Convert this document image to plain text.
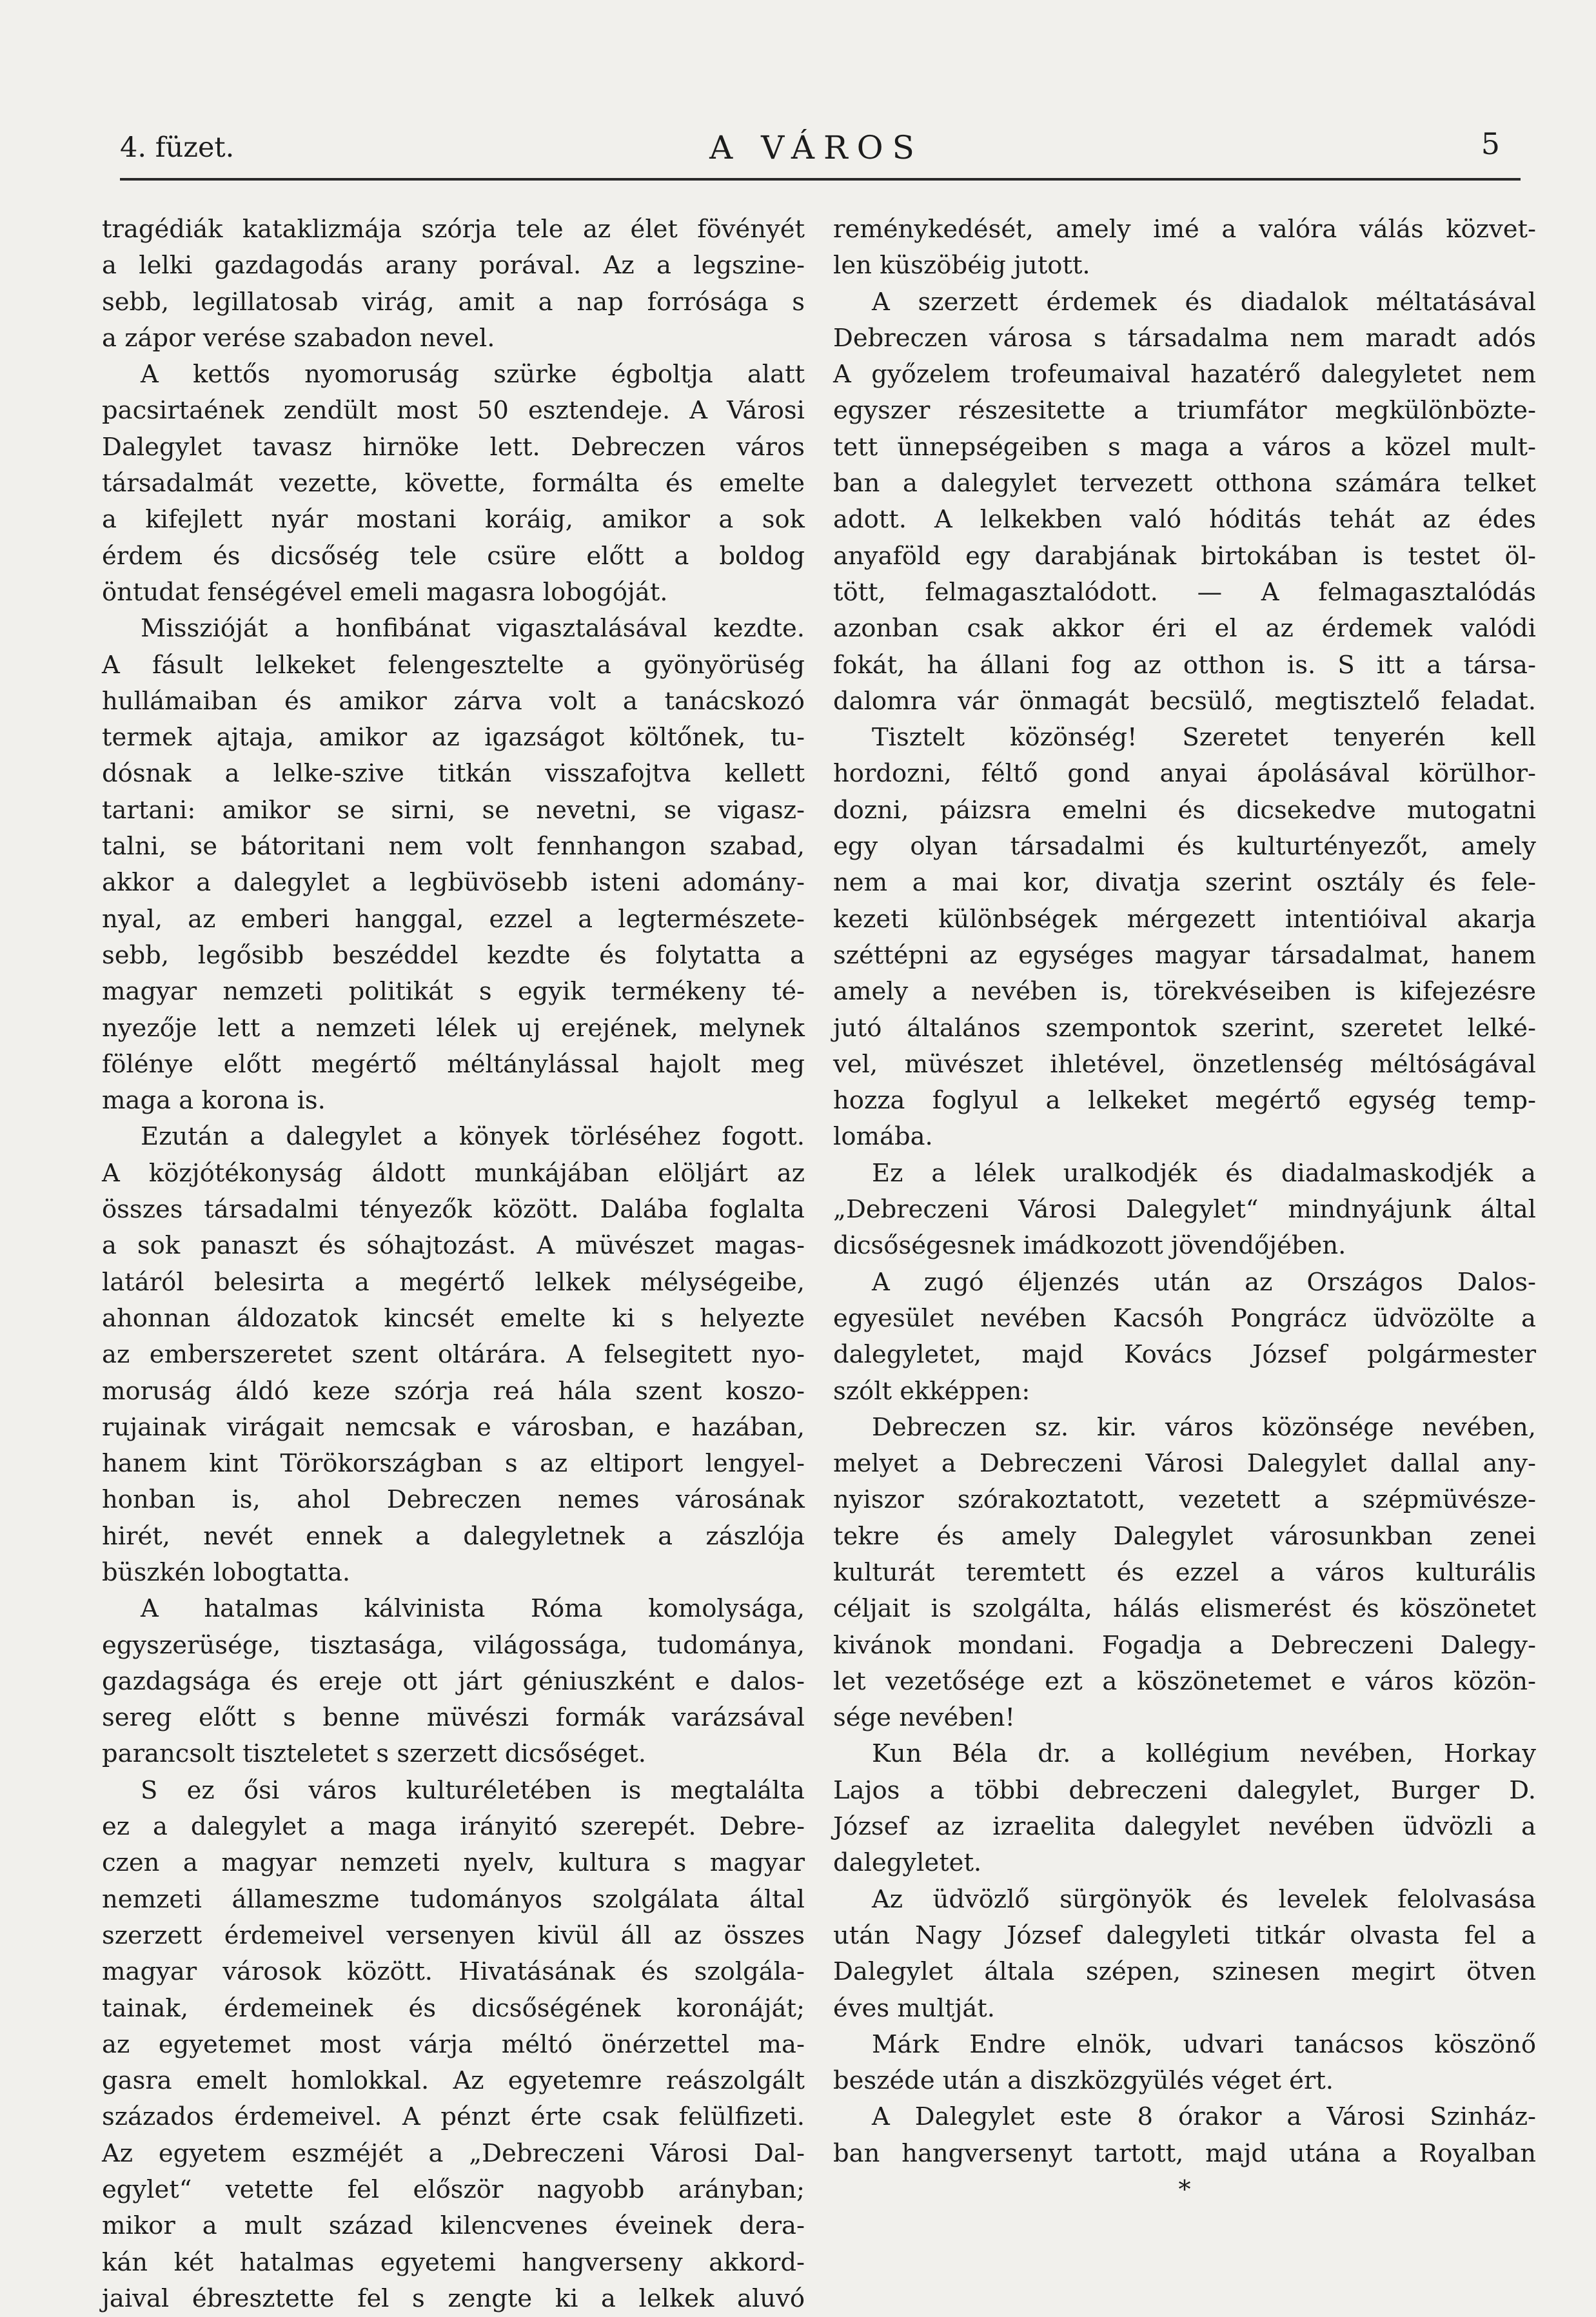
4. füzet.	A VÁROS	5
tragédiák kataklizmája szórja tele az élet fövényét
a lelki gazdagodás arany porával. Az a legszine-
sebb, legillatosab virág, amit a nap forrósága s
a zápor verése szabadon nevel.
A kettős nyomoruság szürke égboltja alatt
pacsirtaének zendült most 50 esztendeje. A Városi
Dalegylet tavasz hirnöke lett. Debreczen város
társadalmát vezette, követte, formálta és emelte
a kifejlett nyár mostani koráig, amikor a sok
érdem és dicsőség tele csüre előtt a boldog
öntudat fenségével emeli magasra lobogóját.
Misszióját a honfibánat vigasztalásával kezdte.
A fásult lelkeket felengesztelte a gyönyörüség
hullámaiban és amikor zárva volt a tanácskozó
termek ajtaja, amikor az igazságot költőnek, tu-
dósnak a lelke-szive titkán visszafojtva kellett
tartani: amikor se sirni, se nevetni, se vigasz-
talni, se bátoritani nem volt fennhangon szabad,
akkor a dalegylet a legbüvösebb isteni adomány-
nyal, az emberi hanggal, ezzel a legtermészete-
sebb, legősibb beszéddel kezdte és folytatta a
magyar nemzeti politikát s egyik termékeny té-
nyezője lett a nemzeti lélek uj erejének, melynek
fölénye előtt megértő méltánylással hajolt meg
maga a korona is.
Ezután a dalegylet a könyek törléséhez fogott.
A közjótékonyság áldott munkájában elöljárt az
összes társadalmi tényezők között. Dalába foglalta
a sok panaszt és sóhajtozást. A müvészet magas-
latáról belesirta a megértő lelkek mélységeibe,
ahonnan áldozatok kincsét emelte ki s helyezte
az emberszeretet szent oltárára. A felsegitett nyo-
moruság áldó keze szórja reá hála szent koszo-
rujainak virágait nemcsak e városban, e hazában,
hanem kint Törökországban s az eltiport lengyel-
honban is, ahol Debreczen nemes városának
hirét, nevét ennek a dalegyletnek a zászlója
büszkén lobogtatta.
A hatalmas kálvinista Róma komolysága,
egyszerüsége, tisztasága, világossága, tudománya,
gazdagsága és ereje ott járt géniuszként e dalos-
sereg előtt s benne müvészi formák varázsával
parancsolt tiszteletet s szerzett dicsőséget.
S ez ősi város kulturéletében is megtalálta
ez a dalegylet a maga irányitó szerepét. Debre-
czen a magyar nemzeti nyelv, kultura s magyar
nemzeti állameszme tudományos szolgálata által
szerzett érdemeivel versenyen kivül áll az összes
magyar városok között. Hivatásának és szolgála-
tainak, érdemeinek és dicsőségének koronáját;
az egyetemet most várja méltó önérzettel ma-
gasra emelt homlokkal. Az egyetemre reászolgált
százados érdemeivel. A pénzt érte csak felülfizeti.
Az egyetem eszméjét a „Debreczeni Városi Dal-
egylet“ vetette fel először nagyobb arányban;
mikor a mult század kilencvenes éveinek dera-
kán két hatalmas egyetemi hangverseny akkord-
jaival ébresztette fel s zengte ki a lelkek aluvó
reménykedését, amely imé a valóra válás közvet-
len küszöbéig jutott.
A szerzett érdemek és diadalok méltatásával
Debreczen városa s társadalma nem maradt adós
A győzelem trofeumaival hazatérő dalegyletet nem
egyszer részesitette a triumfátor megkülönbözte-
tett ünnepségeiben s maga a város a közel mult-
ban a dalegylet tervezett otthona számára telket
adott. A lelkekben való hóditás tehát az édes
anyaföld egy darabjának birtokában is testet öl-
tött, felmagasztalódott. — A felmagasztalódás
azonban csak akkor éri el az érdemek valódi
fokát, ha állani fog az otthon is. S itt a társa-
dalomra vár önmagát becsülő, megtisztelő feladat.
Tisztelt közönség! Szeretet tenyerén kell
hordozni, féltő gond anyai ápolásával körülhor-
dozni, páizsra emelni és dicsekedve mutogatni
egy olyan társadalmi és kulturtényezőt, amely
nem a mai kor, divatja szerint osztály és fele-
kezeti különbségek mérgezett intentióival akarja
széttépni az egységes magyar társadalmat, hanem
amely a nevében is, törekvéseiben is kifejezésre
jutó általános szempontok szerint, szeretet lelké-
vel, müvészet ihletével, önzetlenség méltóságával
hozza foglyul a lelkeket megértő egység temp-
lomába.
Ez a lélek uralkodjék és diadalmaskodjék a
„Debreczeni Városi Dalegylet“ mindnyájunk által
dicsőségesnek imádkozott jövendőjében.
A zugó éljenzés után az Országos Dalos-
egyesület nevében Kacsóh Pongrácz üdvözölte a
dalegyletet, majd Kovács József polgármester
szólt ekképpen:
Debreczen sz. kir. város közönsége nevében,
melyet a Debreczeni Városi Dalegylet dallal any-
nyiszor szórakoztatott, vezetett a szépmüvésze-
tekre és amely Dalegylet városunkban zenei
kulturát teremtett és ezzel a város kulturális
céljait is szolgálta, hálás elismerést és köszönetet
kivánok mondani. Fogadja a Debreczeni Dalegy-
let vezetősége ezt a köszönetemet e város közön-
sége nevében!
Kun Béla dr. a kollégium nevében, Horkay
Lajos a többi debreczeni dalegylet, Burger D.
József az izraelita dalegylet nevében üdvözli a
dalegyletet.
Az üdvözlő sürgönyök és levelek felolvasása
után Nagy József dalegyleti titkár olvasta fel a
Dalegylet általa szépen, szinesen megirt ötven
éves multját.
Márk Endre elnök, udvari tanácsos köszönő
beszéde után a diszközgyülés véget ért.
A Dalegylet este 8 órakor a Városi Szinház-
ban hangversenyt tartott, majd utána a Royalban
*
